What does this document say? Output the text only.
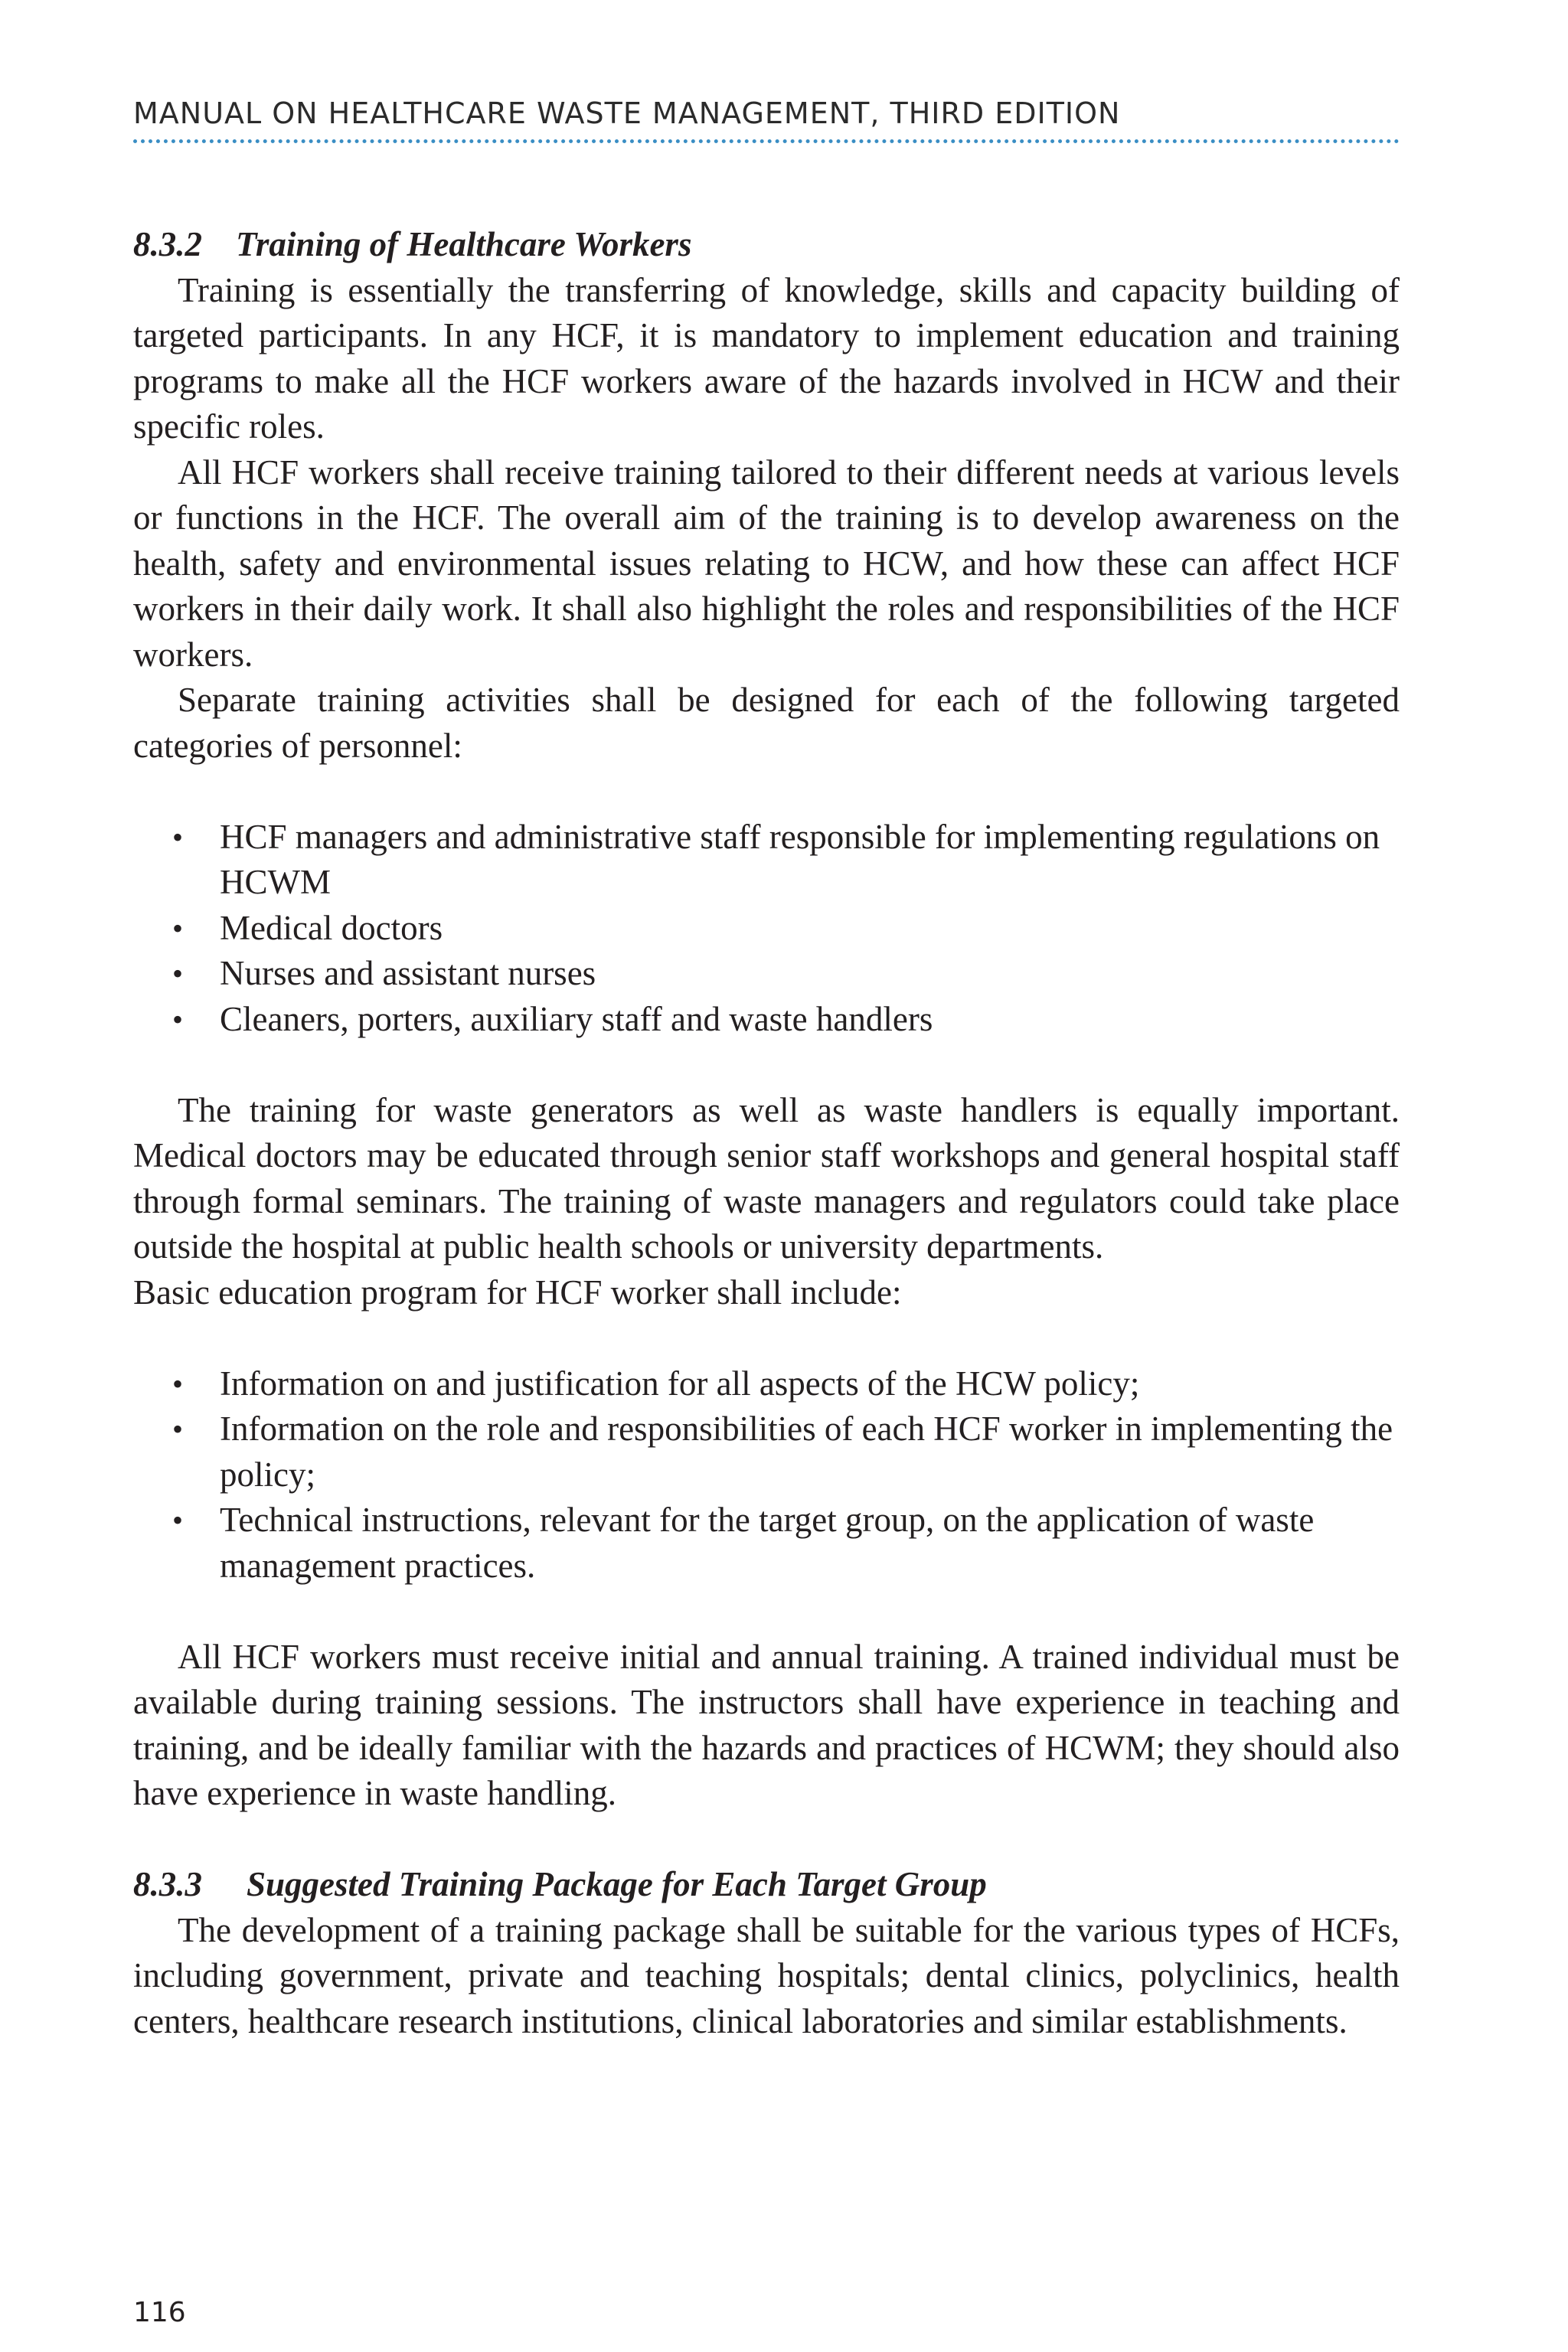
MANUAL ON HEALTHCARE WASTE MANAGEMENT, THIRD EDITION
8.3.2 Training of Healthcare Workers

Training is essentially the transferring of knowledge, skills and capacity building of targeted participants. In any HCF, it is mandatory to implement education and training programs to make all the HCF workers aware of the hazards involved in HCW and their specific roles.

All HCF workers shall receive training tailored to their different needs at various levels or functions in the HCF. The overall aim of the training is to develop awareness on the health, safety and environmental issues relating to HCW, and how these can affect HCF workers in their daily work. It shall also highlight the roles and responsibilities of the HCF workers.

Separate training activities shall be designed for each of the following targeted categories of personnel:

• HCF managers and administrative staff responsible for implementing regulations on HCWM
• Medical doctors
• Nurses and assistant nurses
• Cleaners, porters, auxiliary staff and waste handlers

The training for waste generators as well as waste handlers is equally important. Medical doctors may be educated through senior staff workshops and general hospital staff through formal seminars. The training of waste managers and regulators could take place outside the hospital at public health schools or university departments.

Basic education program for HCF worker shall include:

• Information on and justification for all aspects of the HCW policy;
• Information on the role and responsibilities of each HCF worker in implementing the policy;
• Technical instructions, relevant for the target group, on the application of waste management practices.

All HCF workers must receive initial and annual training. A trained individual must be available during training sessions. The instructors shall have experience in teaching and training, and be ideally familiar with the hazards and practices of HCWM; they should also have experience in waste handling.

8.3.3 Suggested Training Package for Each Target Group

The development of a training package shall be suitable for the various types of HCFs, including government, private and teaching hospitals; dental clinics, polyclinics, health centers, healthcare research institutions, clinical laboratories and similar establishments.

116
